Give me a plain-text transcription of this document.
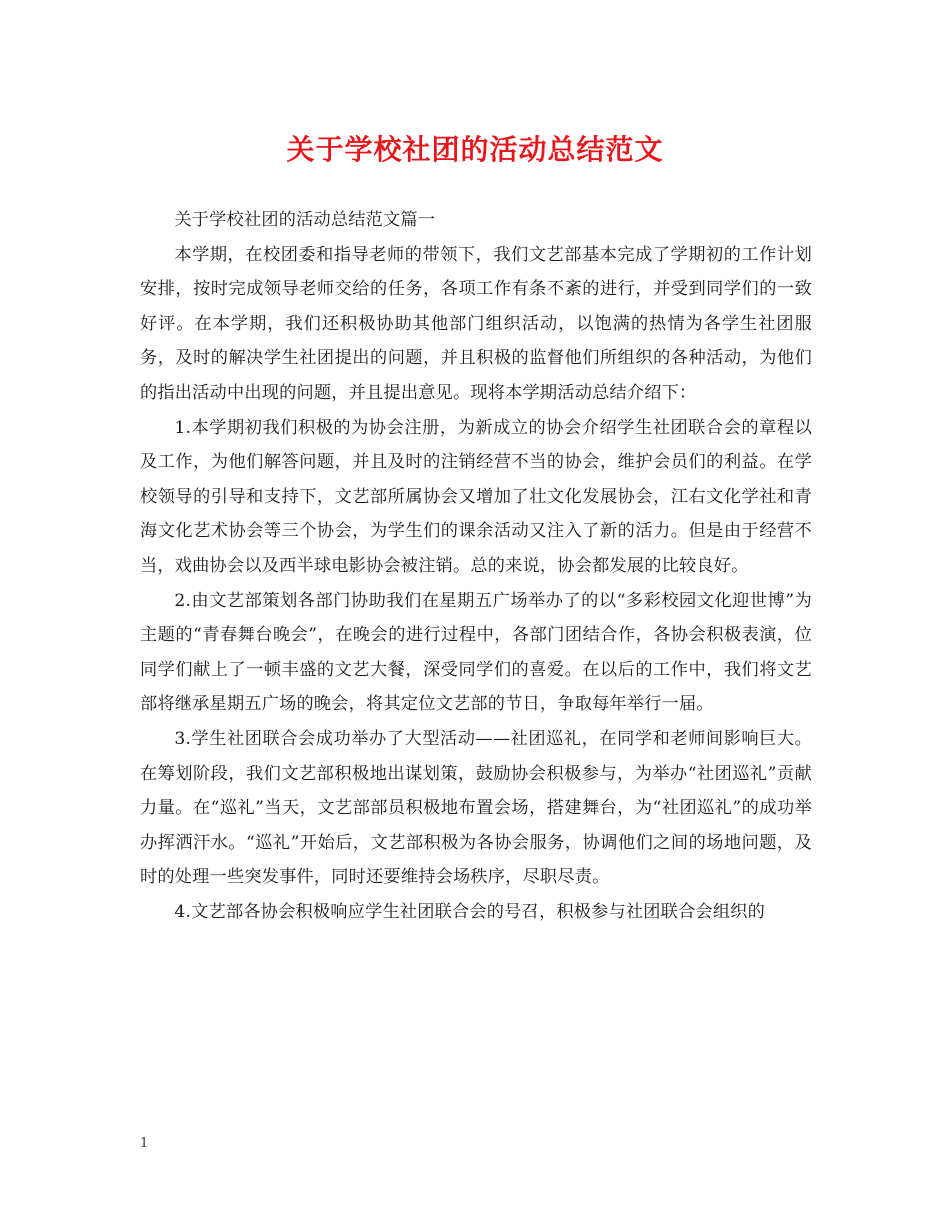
关于学校社团的活动总结范文

关于学校社团的活动总结范文篇一

本学期，在校团委和指导老师的带领下，我们文艺部基本完成了学期初的工作计划安排，按时完成领导老师交给的任务，各项工作有条不紊的进行，并受到同学们的一致好评。在本学期，我们还积极协助其他部门组织活动，以饱满的热情为各学生社团服务，及时的解决学生社团提出的问题，并且积极的监督他们所组织的各种活动，为他们的指出活动中出现的问题，并且提出意见。现将本学期活动总结介绍下：

1.本学期初我们积极的为协会注册，为新成立的协会介绍学生社团联合会的章程以及工作，为他们解答问题，并且及时的注销经营不当的协会，维护会员们的利益。在学校领导的引导和支持下，文艺部所属协会又增加了壮文化发展协会，江右文化学社和青海文化艺术协会等三个协会，为学生们的课余活动又注入了新的活力。但是由于经营不当，戏曲协会以及西半球电影协会被注销。总的来说，协会都发展的比较良好。

2.由文艺部策划各部门协助我们在星期五广场举办了的以“多彩校园文化迎世博”为主题的“青春舞台晚会”，在晚会的进行过程中，各部门团结合作，各协会积极表演，位同学们献上了一顿丰盛的文艺大餐，深受同学们的喜爱。在以后的工作中，我们将文艺部将继承星期五广场的晚会，将其定位文艺部的节日，争取每年举行一届。

3.学生社团联合会成功举办了大型活动——社团巡礼，在同学和老师间影响巨大。在筹划阶段，我们文艺部积极地出谋划策，鼓励协会积极参与，为举办“社团巡礼”贡献力量。在“巡礼”当天，文艺部部员积极地布置会场，搭建舞台，为“社团巡礼”的成功举办挥洒汗水。“巡礼”开始后，文艺部积极为各协会服务，协调他们之间的场地问题，及时的处理一些突发事件，同时还要维持会场秩序，尽职尽责。

4.文艺部各协会积极响应学生社团联合会的号召，积极参与社团联合会组织的

1
